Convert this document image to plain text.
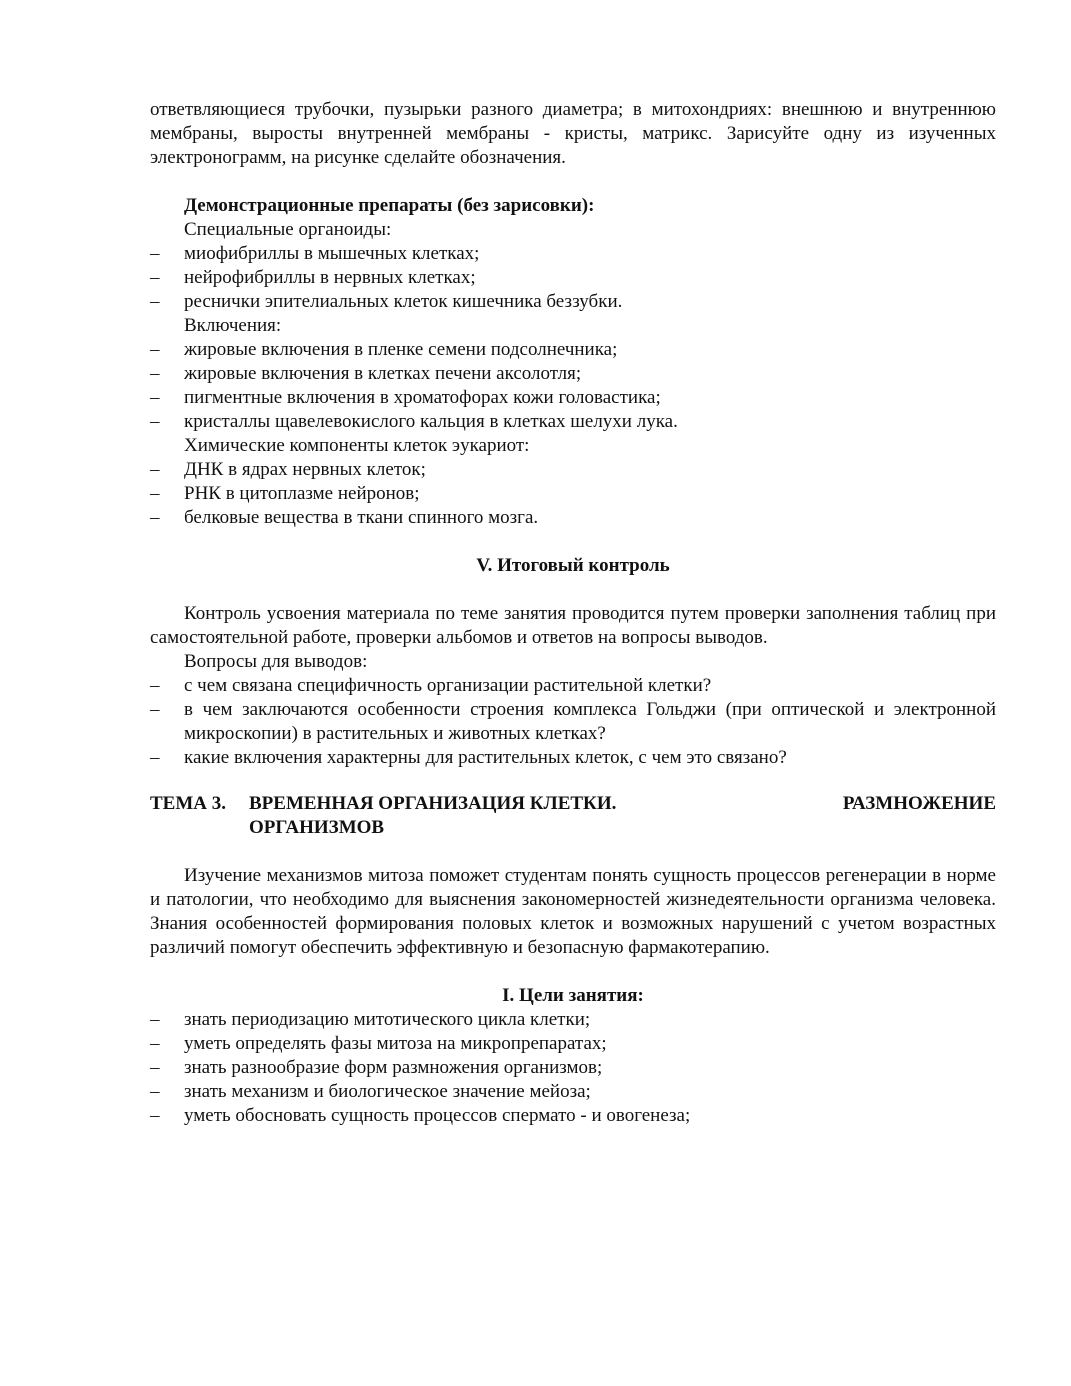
ответвляющиеся трубочки, пузырьки разного диаметра; в митохондриях: внешнюю и внутреннюю мембраны, выросты внутренней мембраны - кристы, матрикс. Зарисуйте одну из изученных электронограмм, на рисунке сделайте обозначения.

Демонстрационные препараты (без зарисовки):

Специальные органоиды:

– миофибриллы в мышечных клетках;
– нейрофибриллы в нервных клетках;
– реснички эпителиальных клеток кишечника беззубки.

Включения:

– жировые включения в пленке семени подсолнечника;
– жировые включения в клетках печени аксолотля;
– пигментные включения в хроматофорах кожи головастика;
– кристаллы щавелевокислого кальция в клетках шелухи лука.

Химические компоненты клеток эукариот:

– ДНК в ядрах нервных клеток;
– РНК в цитоплазме нейронов;
– белковые вещества в ткани спинного мозга.

V. Итоговый контроль

Контроль усвоения материала по теме занятия проводится путем проверки заполнения таблиц при самостоятельной работе, проверки альбомов и ответов на вопросы выводов.

Вопросы для выводов:

– с чем связана специфичность организации растительной клетки?
– в чем заключаются особенности строения комплекса Гольджи (при оптической и электронной микроскопии) в растительных и животных клетках?
– какие включения характерны для растительных клеток, с чем это связано?
ТЕМА 3.	ВРЕМЕННАЯ ОРГАНИЗАЦИЯ КЛЕТКИ.	РАЗМНОЖЕНИЕ
ОРГАНИЗМОВ

Изучение механизмов митоза поможет студентам понять сущность процессов регенерации в норме и патологии, что необходимо для выяснения закономерностей жизнедеятельности организма человека. Знания особенностей формирования половых клеток и возможных нарушений с учетом возрастных различий помогут обеспечить эффективную и безопасную фармакотерапию.

I. Цели занятия:

– знать периодизацию митотического цикла клетки;
– уметь определять фазы митоза на микропрепаратах;
– знать разнообразие форм размножения организмов;
– знать механизм и биологическое значение мейоза;
– уметь обосновать сущность процессов спермато - и овогенеза;
